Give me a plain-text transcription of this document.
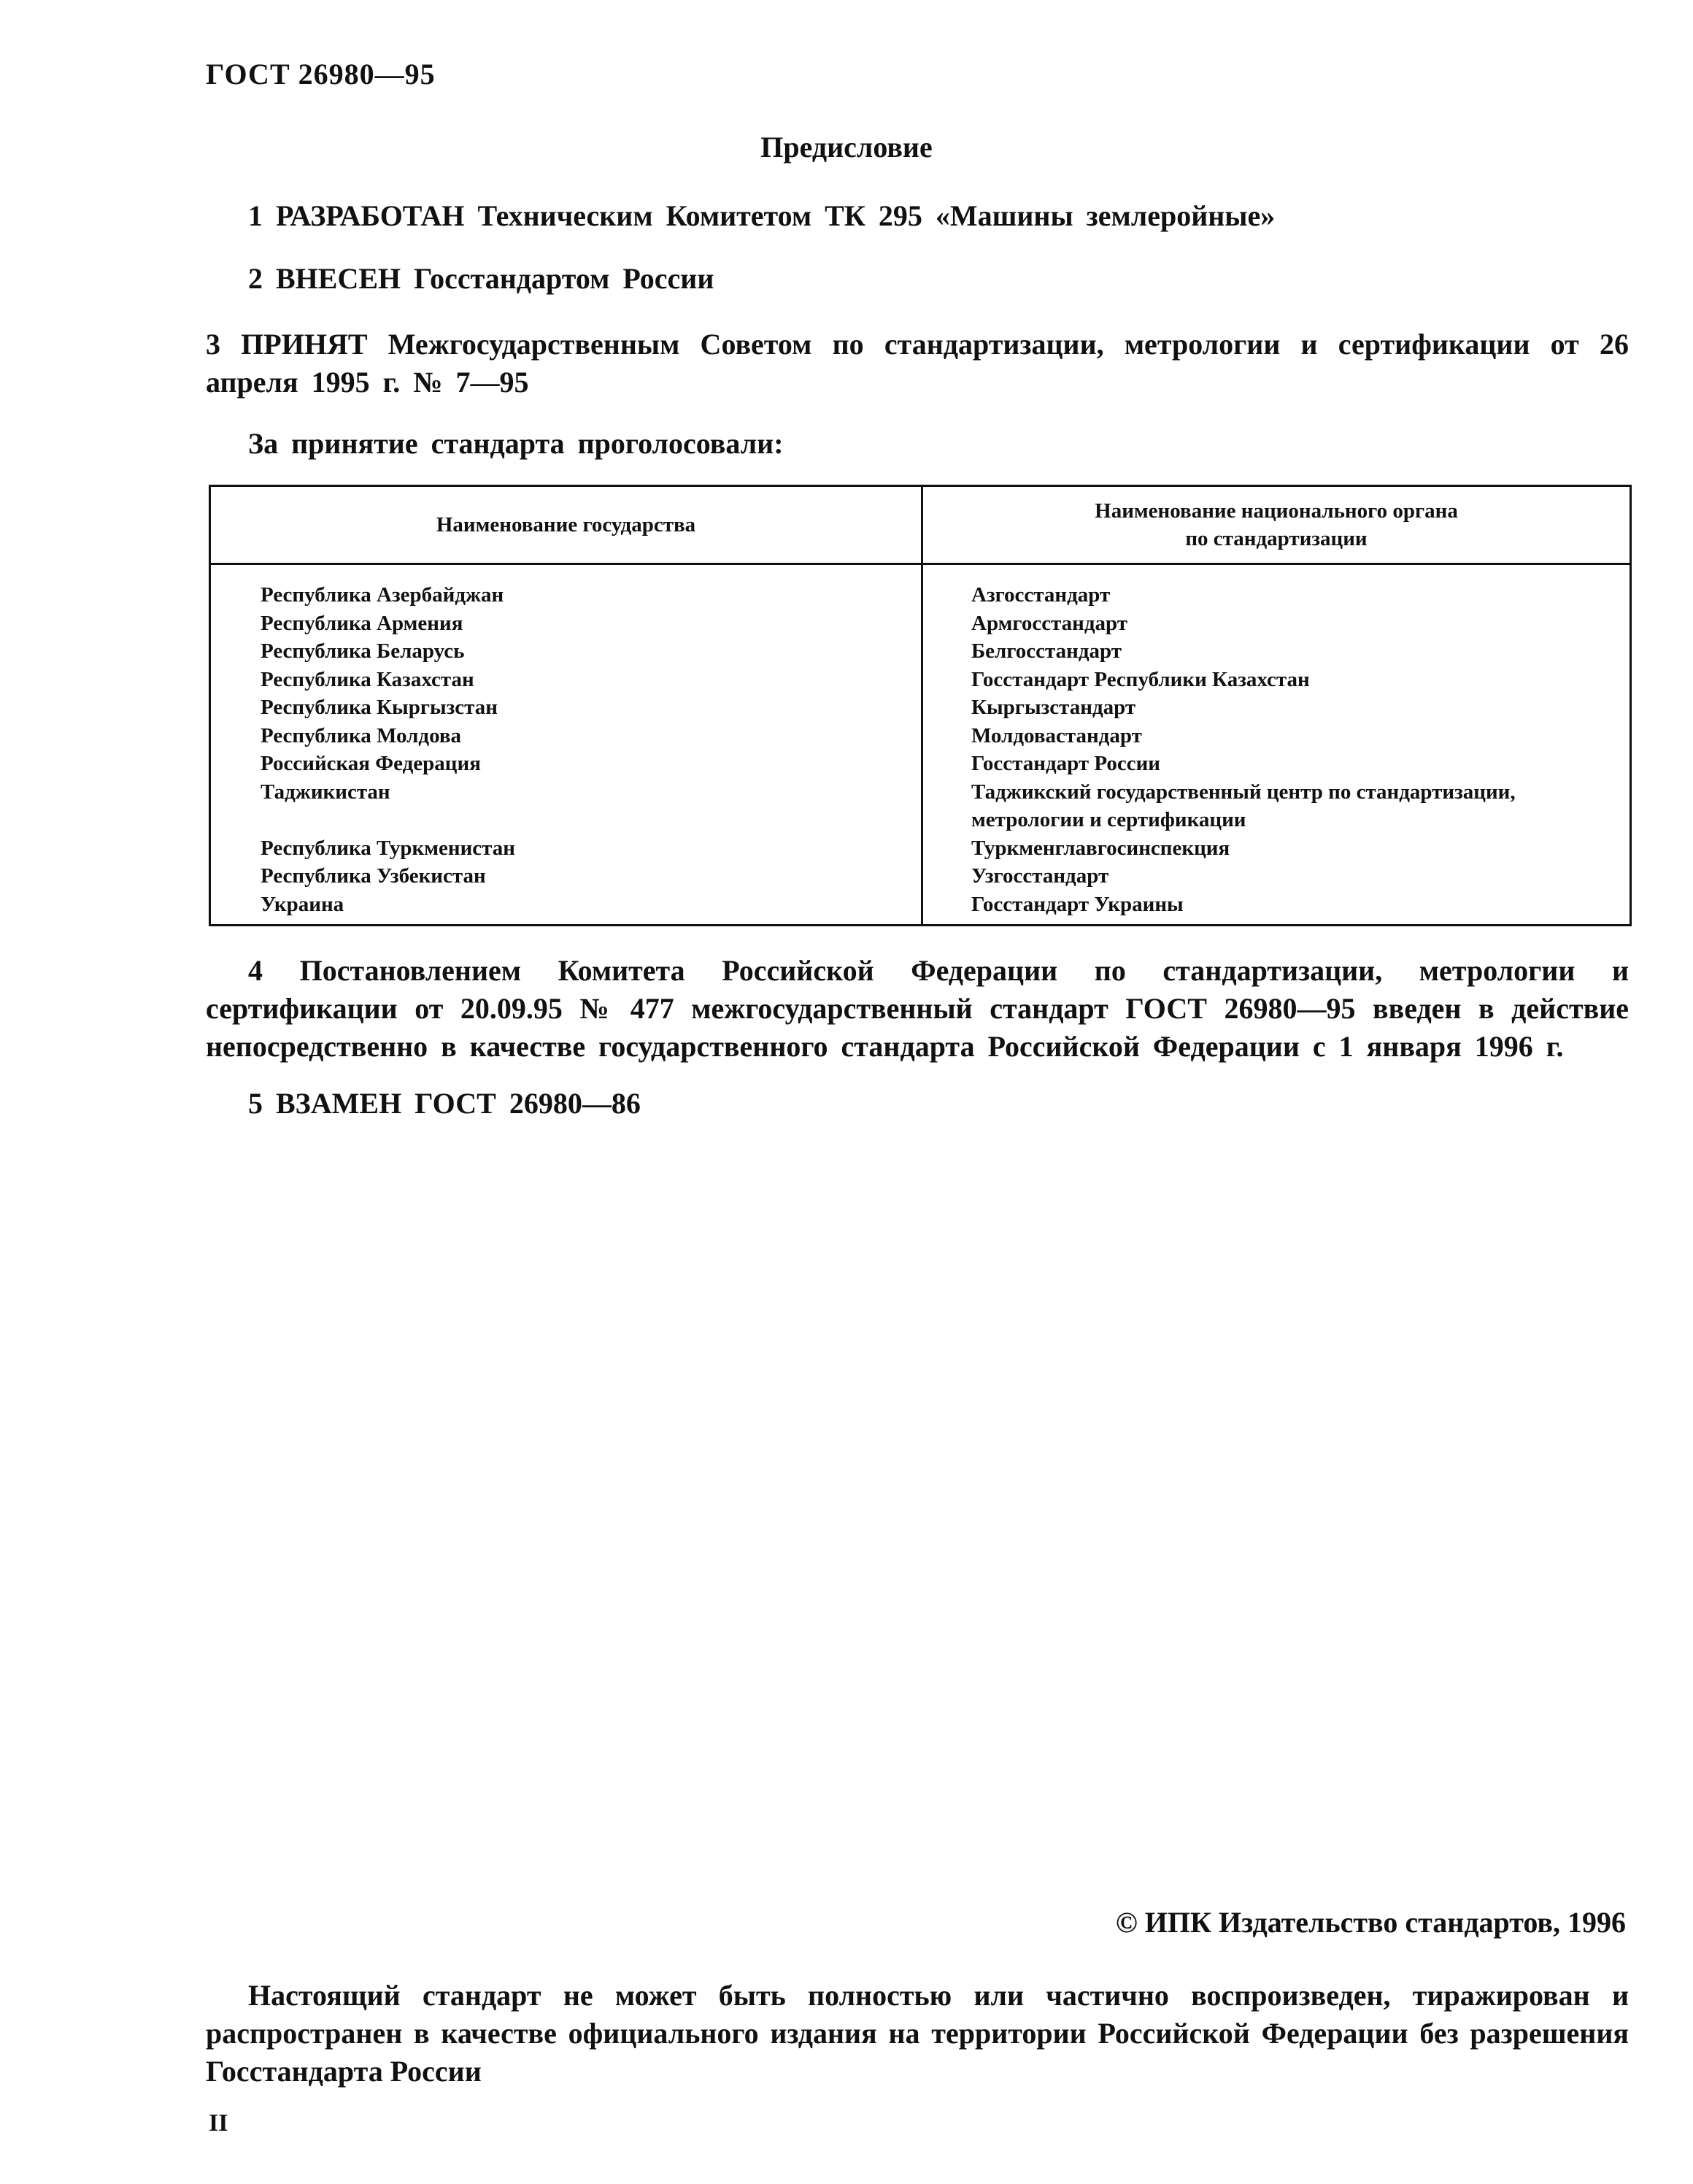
ГОСТ 26980—95
Предисловие
1 РАЗРАБОТАН Техническим Комитетом ТК 295 «Машины землеройные»
2 ВНЕСЕН Госстандартом России
3 ПРИНЯТ Межгосударственным Советом по стандартизации, метрологии и сертификации от 26 апреля 1995 г. № 7—95
За принятие стандарта проголосовали:
Наименование государства	Наименование национального органа
по стандартизации
Республика Азербайджан	Азгосстандарт
Республика Армения	Армгосстандарт
Республика Беларусь	Белгосстандарт
Республика Казахстан	Госстандарт Республики Казахстан
Республика Кыргызстан	Кыргызстандарт
Республика Молдова	Молдовастандарт
Российская Федерация	Госстандарт России
Таджикистан	Таджикский государственный центр по стандартизации,
метрологии и сертификации
Республика Туркменистан	Туркменглавгосинспекция
Республика Узбекистан	Узгосстандарт
Украина	Госстандарт Украины
4 Постановлением Комитета Российской Федерации по стандартизации, метрологии и сертификации от 20.09.95 № 477 межгосударственный стандарт ГОСТ 26980—95 введен в действие непосредственно в качестве государственного стандарта Российской Федерации с 1 января 1996 г.
5 ВЗАМЕН ГОСТ 26980—86
© ИПК Издательство стандартов, 1996
Настоящий стандарт не может быть полностью или частично воспроизведен, тиражирован и распространен в качестве официального издания на территории Российской Федерации без разрешения Госстандарта России
II
